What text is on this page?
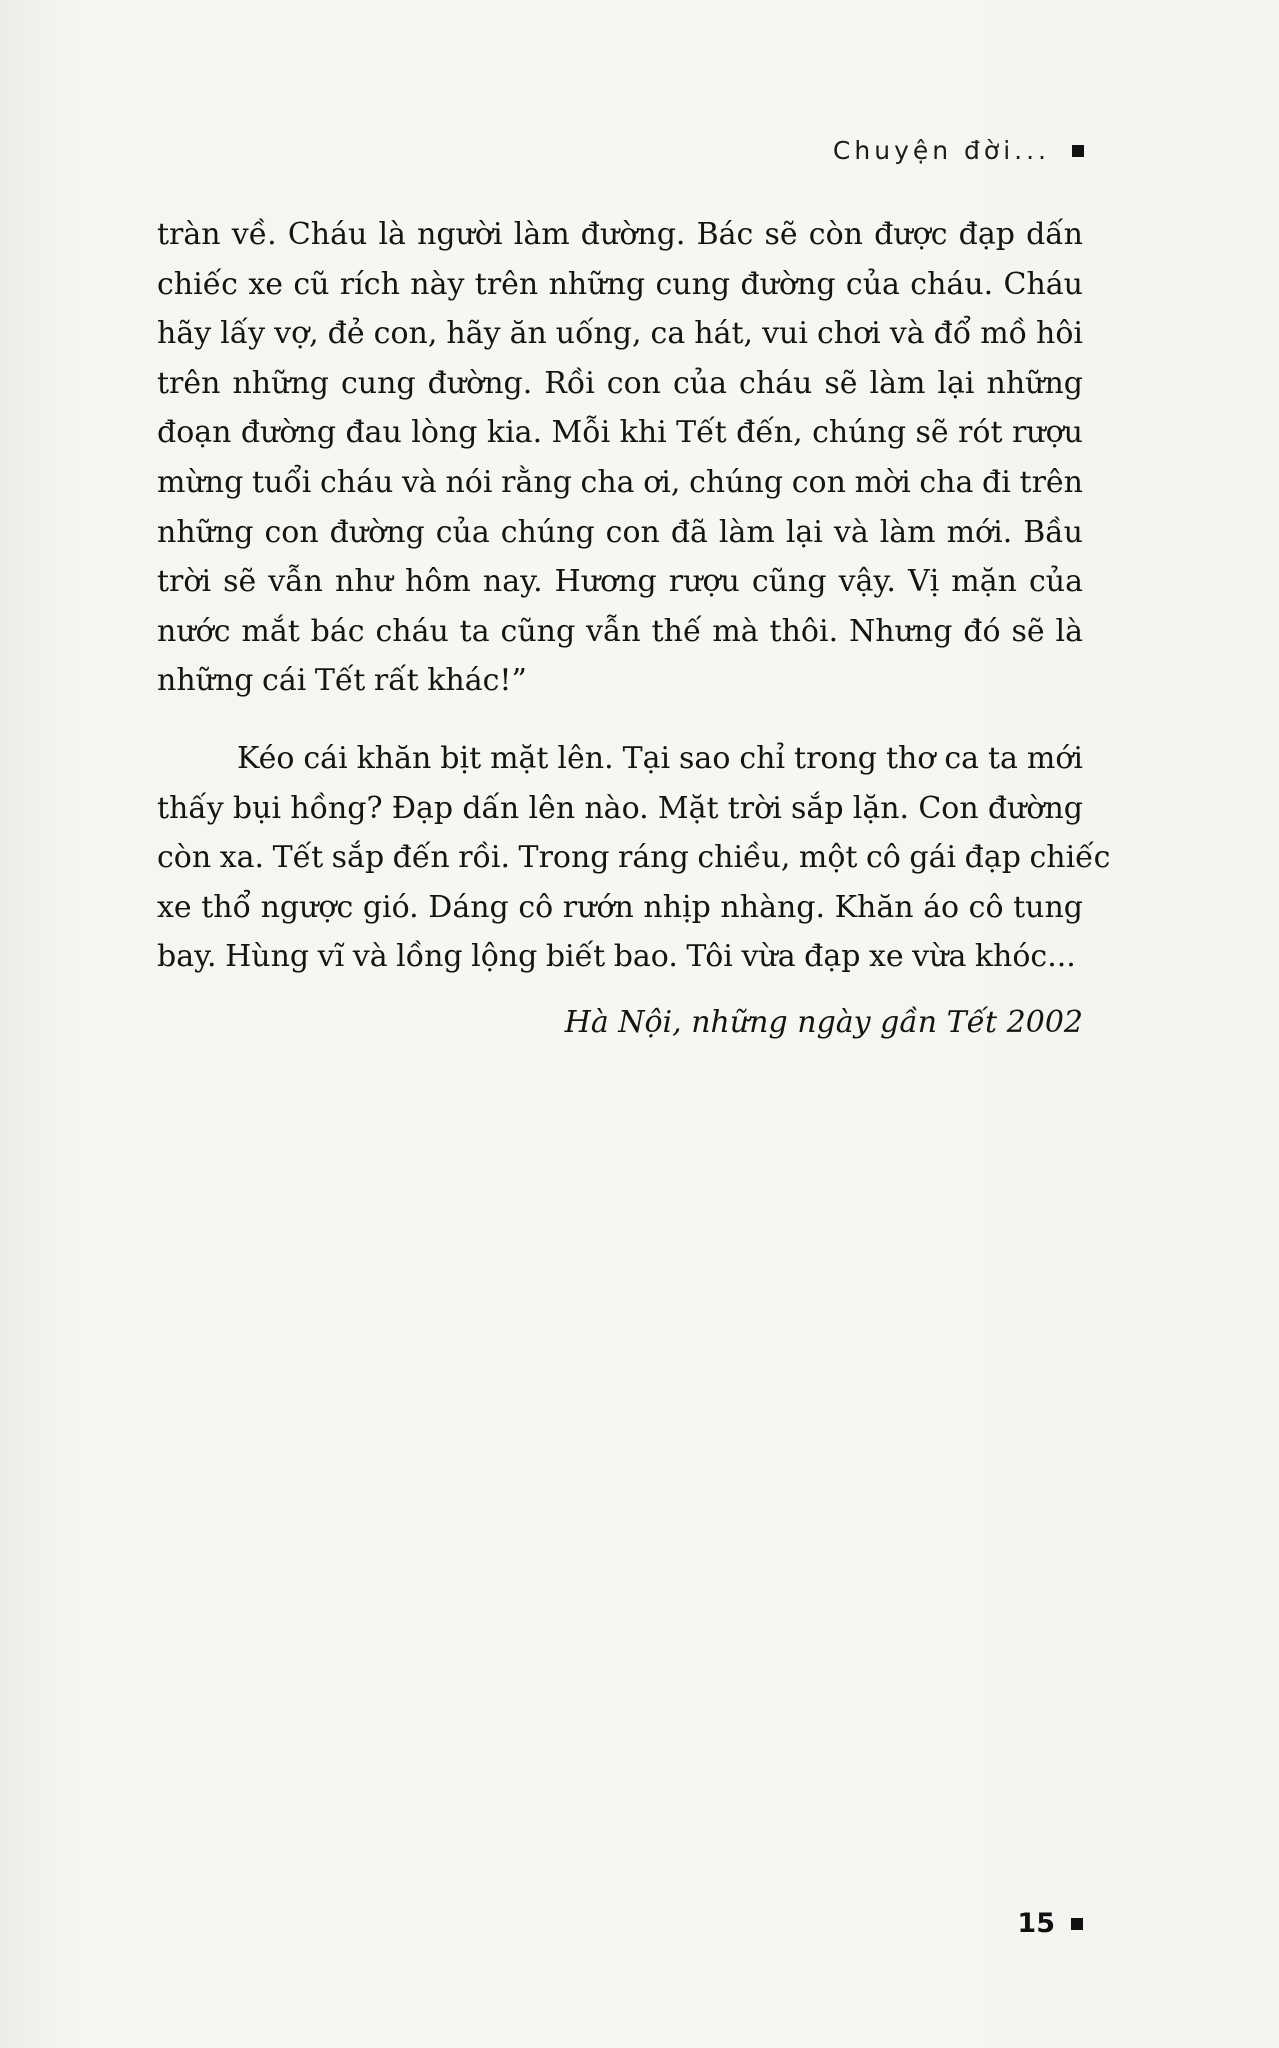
Chuyện đời...

tràn về. Cháu là người làm đường. Bác sẽ còn được đạp dấn
chiếc xe cũ rích này trên những cung đường của cháu. Cháu
hãy lấy vợ, đẻ con, hãy ăn uống, ca hát, vui chơi và đổ mồ hôi
trên những cung đường. Rồi con của cháu sẽ làm lại những
đoạn đường đau lòng kia. Mỗi khi Tết đến, chúng sẽ rót rượu
mừng tuổi cháu và nói rằng cha ơi, chúng con mời cha đi trên
những con đường của chúng con đã làm lại và làm mới. Bầu
trời sẽ vẫn như hôm nay. Hương rượu cũng vậy. Vị mặn của
nước mắt bác cháu ta cũng vẫn thế mà thôi. Nhưng đó sẽ là
những cái Tết rất khác!”

Kéo cái khăn bịt mặt lên. Tại sao chỉ trong thơ ca ta mới
thấy bụi hồng? Đạp dấn lên nào. Mặt trời sắp lặn. Con đường
còn xa. Tết sắp đến rồi. Trong ráng chiều, một cô gái đạp chiếc
xe thổ ngược gió. Dáng cô rướn nhịp nhàng. Khăn áo cô tung
bay. Hùng vĩ và lồng lộng biết bao. Tôi vừa đạp xe vừa khóc...

Hà Nội, những ngày gần Tết 2002
15
